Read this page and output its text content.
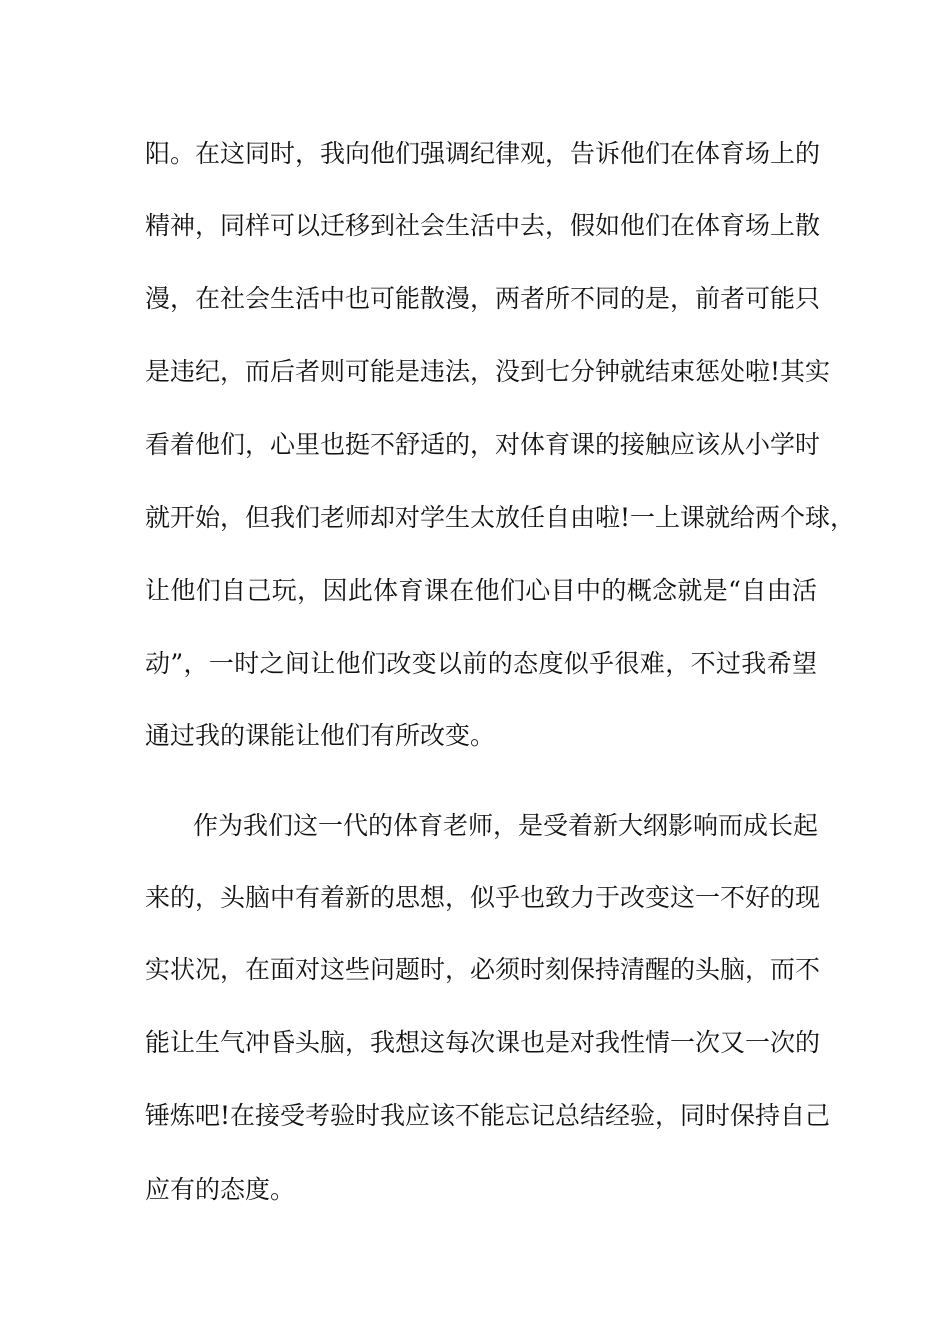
阳。在这同时，我向他们强调纪律观，告诉他们在体育场上的
精神，同样可以迁移到社会生活中去，假如他们在体育场上散
漫，在社会生活中也可能散漫，两者所不同的是，前者可能只
是违纪，而后者则可能是违法，没到七分钟就结束惩处啦!其实
看着他们，心里也挺不舒适的，对体育课的接触应该从小学时
就开始，但我们老师却对学生太放任自由啦!一上课就给两个球，
让他们自己玩，因此体育课在他们心目中的概念就是“自由活
动”，一时之间让他们改变以前的态度似乎很难，不过我希望
通过我的课能让他们有所改变。
作为我们这一代的体育老师，是受着新大纲影响而成长起
来的，头脑中有着新的思想，似乎也致力于改变这一不好的现
实状况，在面对这些问题时，必须时刻保持清醒的头脑，而不
能让生气冲昏头脑，我想这每次课也是对我性情一次又一次的
锤炼吧!在接受考验时我应该不能忘记总结经验，同时保持自己
应有的态度。
